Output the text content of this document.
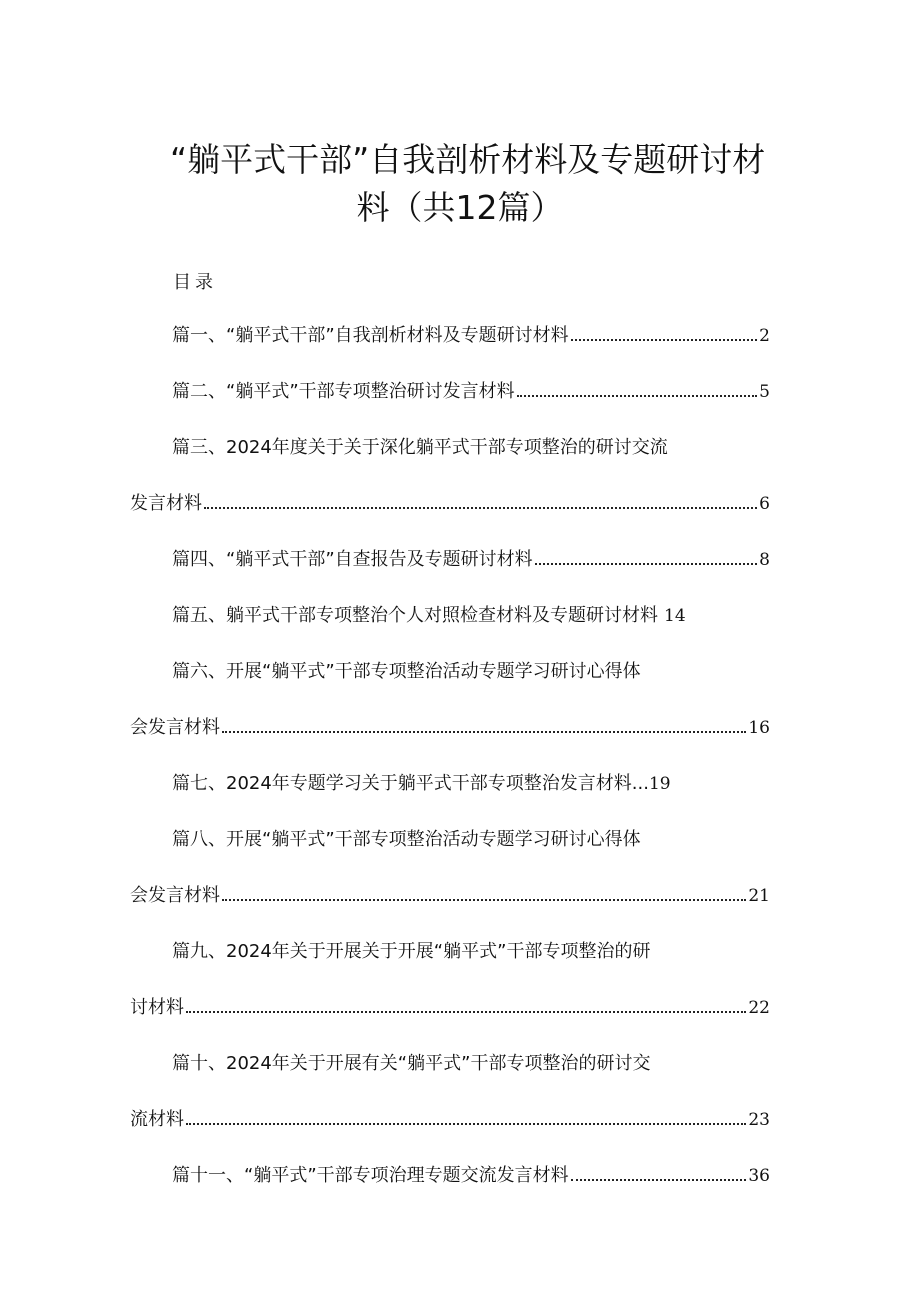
“躺平式干部”自我剖析材料及专题研讨材
料（共12篇）
目录
篇一、“躺平式干部”自我剖析材料及专题研讨材料	2
篇二、“躺平式”干部专项整治研讨发言材料	5
篇三、2024年度关于关于深化躺平式干部专项整治的研讨交流
发言材料	6
篇四、“躺平式干部”自查报告及专题研讨材料	8
篇五、躺平式干部专项整治个人对照检查材料及专题研讨材料 14
篇六、开展“躺平式”干部专项整治活动专题学习研讨心得体
会发言材料	16
篇七、2024年专题学习关于躺平式干部专项整治发言材料... 19
篇八、开展“躺平式”干部专项整治活动专题学习研讨心得体
会发言材料	21
篇九、2024年关于开展关于开展“躺平式”干部专项整治的研
讨材料	22
篇十、2024年关于开展有关“躺平式”干部专项整治的研讨交
流材料	23
篇十一、“躺平式”干部专项治理专题交流发言材料	36
